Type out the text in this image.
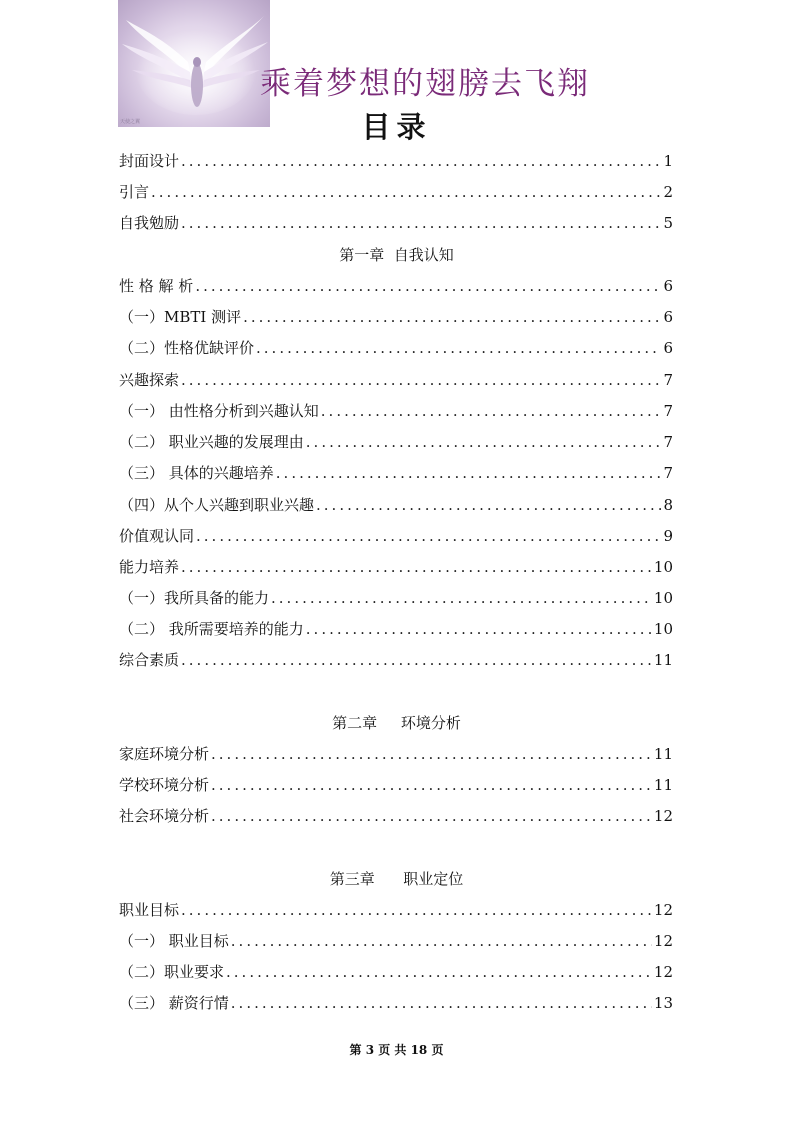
天使之翼
乘着梦想的翅膀去飞翔
目录
封面设计 .....	1
引言 .....	2
自我勉励 .....	5
第一章  自我认知
性 格 解 析 .....	6
（一）MBTI 测评 .....	6
（二）性格优缺评价 .....	6
兴趣探索 .....	7
（一） 由性格分析到兴趣认知 .....	7
（二） 职业兴趣的发展理由 .....	7
（三） 具体的兴趣培养 .....	7
（四）从个人兴趣到职业兴趣 .....	8
价值观认同 .....	9
能力培养 .....	10
（一）我所具备的能力 .....	10
（二） 我所需要培养的能力 .....	10
综合素质 .....	11
第二章     环境分析
家庭环境分析 .....	11
学校环境分析 .....	11
社会环境分析 .....	12
第三章      职业定位
职业目标 .....	12
（一） 职业目标 .....	12
（二）职业要求 .....	12
（三） 薪资行情 .....	13
第 3 页 共 18 页
